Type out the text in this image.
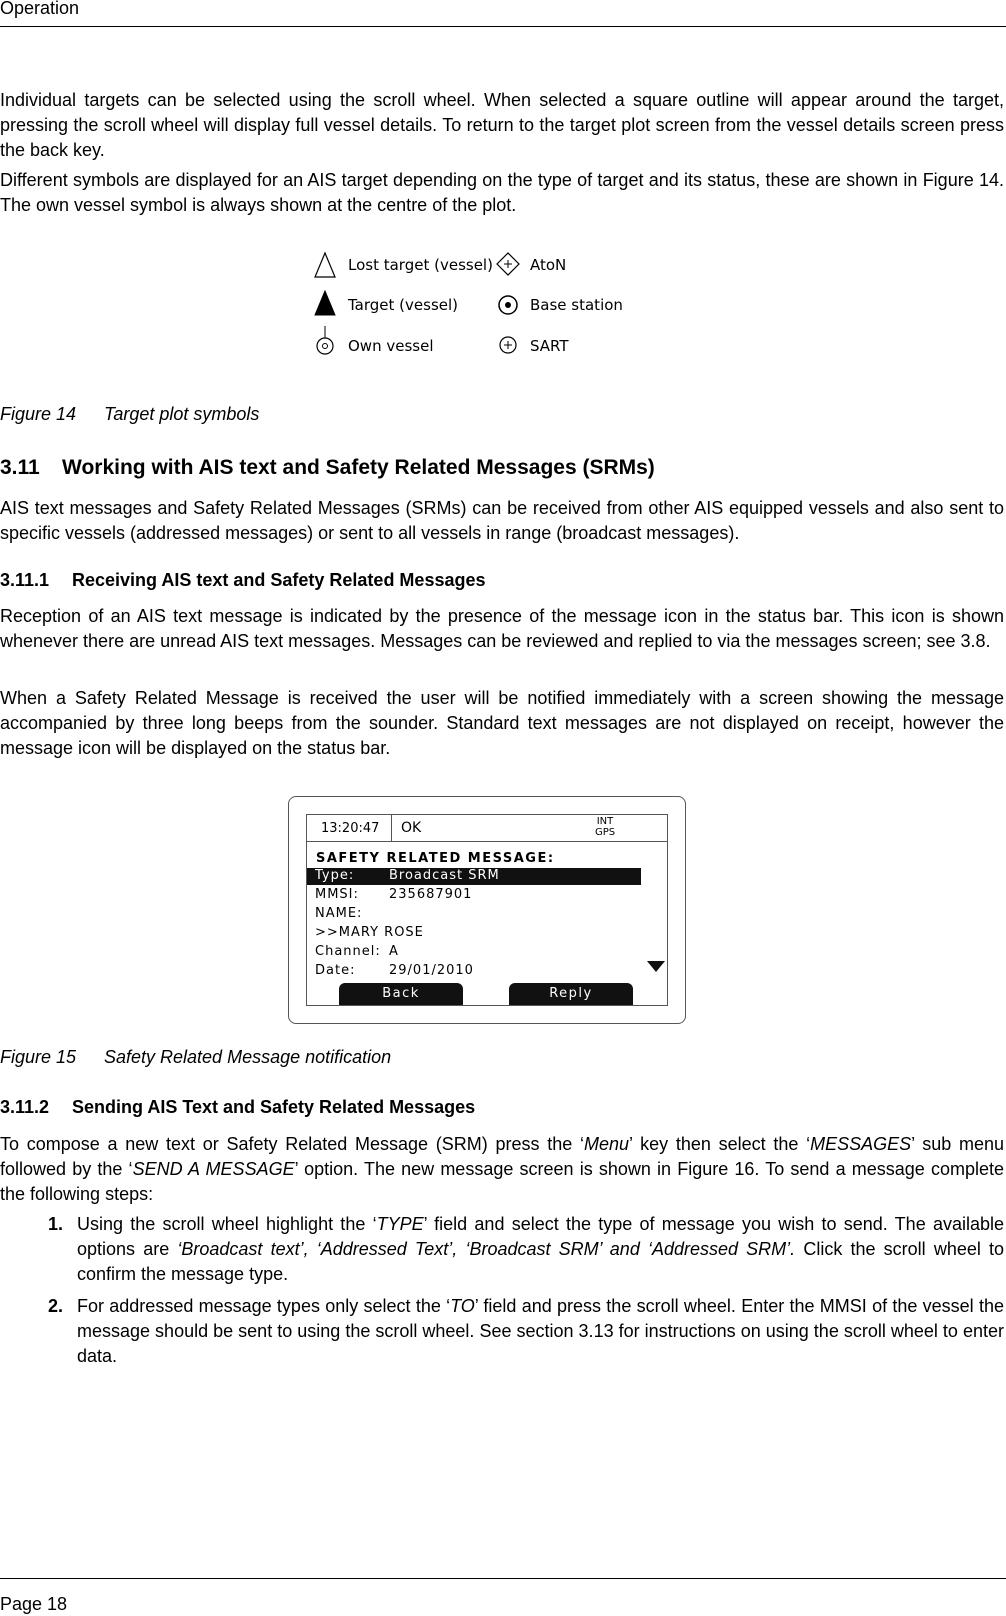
Operation

Individual targets can be selected using the scroll wheel. When selected a square outline will appear around the target, pressing the scroll wheel will display full vessel details. To return to the target plot screen from the vessel details screen press the back key.

Different symbols are displayed for an AIS target depending on the type of target and its status, these are shown in Figure 14. The own vessel symbol is always shown at the centre of the plot.

Lost target (vessel)
Target (vessel)
Own vessel
AtoN
Base station
SART
Figure 14 Target plot symbols
3.11 Working with AIS text and Safety Related Messages (SRMs)

AIS text messages and Safety Related Messages (SRMs) can be received from other AIS equipped vessels and also sent to specific vessels (addressed messages) or sent to all vessels in range (broadcast messages).

3.11.1 Receiving AIS text and Safety Related Messages

Reception of an AIS text message is indicated by the presence of the message icon in the status bar. This icon is shown whenever there are unread AIS text messages. Messages can be reviewed and replied to via the messages screen; see 3.8.

When a Safety Related Message is received the user will be notified immediately with a screen showing the message accompanied by three long beeps from the sounder. Standard text messages are not displayed on receipt, however the message icon will be displayed on the status bar.

13:20:47 OK	INT
GPS
SAFETY RELATED MESSAGE:
Type:	Broadcast SRM
MMSI: 235687901
NAME:
>>MARY ROSE
Channel: A
Date:	29/01/2010
Back	Reply
Figure 15 Safety Related Message notification
3.11.2 Sending AIS Text and Safety Related Messages

To compose a new text or Safety Related Message (SRM) press the ‘Menu’ key then select the ‘MESSAGES’ sub menu followed by the ‘SEND A MESSAGE’ option. The new message screen is shown in Figure 16. To send a message complete the following steps:

1. Using the scroll wheel highlight the ‘TYPE’ field and select the type of message you wish to send. The available options are ‘Broadcast text’, ‘Addressed Text’, ‘Broadcast SRM’ and ‘Addressed SRM’. Click the scroll wheel to confirm the message type.
2. For addressed message types only select the ‘TO’ field and press the scroll wheel. Enter the MMSI of the vessel the message should be sent to using the scroll wheel. See section 3.13 for instructions on using the scroll wheel to enter data.
Page 18
